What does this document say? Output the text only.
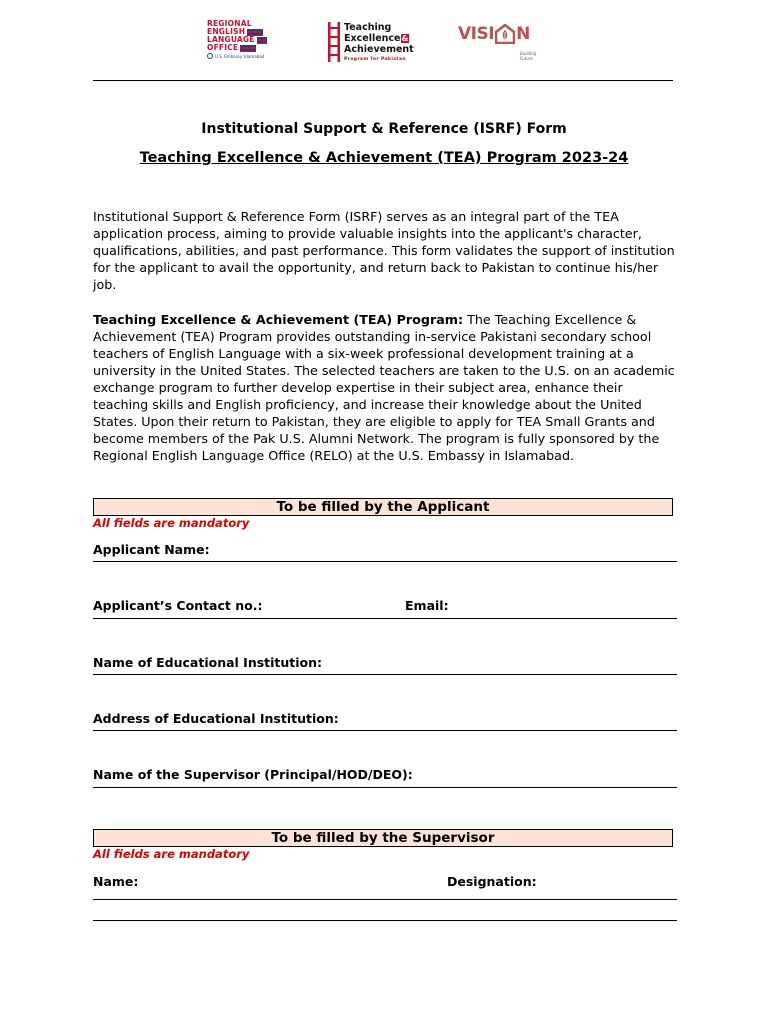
REGIONAL
ENGLISH
LANGUAGE
OFFICE
U.S. Embassy Islamabad
Teaching
Excellence&
Achievement
Program for Pakistan
VISI N
Building
Future
Institutional Support & Reference (ISRF) Form
Teaching Excellence & Achievement (TEA) Program 2023-24
Institutional Support & Reference Form (ISRF) serves as an integral part of the TEA application process, aiming to provide valuable insights into the applicant's character, qualifications, abilities, and past performance. This form validates the support of institution for the applicant to avail the opportunity, and return back to Pakistan to continue his/her job.
Teaching Excellence & Achievement (TEA) Program: The Teaching Excellence & Achievement (TEA) Program provides outstanding in-service Pakistani secondary school teachers of English Language with a six-week professional development training at a university in the United States. The selected teachers are taken to the U.S. on an academic exchange program to further develop expertise in their subject area, enhance their teaching skills and English proficiency, and increase their knowledge about the United States. Upon their return to Pakistan, they are eligible to apply for TEA Small Grants and become members of the Pak U.S. Alumni Network. The program is fully sponsored by the Regional English Language Office (RELO) at the U.S. Embassy in Islamabad.
To be filled by the Applicant
All fields are mandatory
Applicant Name:
Applicant’s Contact no.:	Email:
Name of Educational Institution:
Address of Educational Institution:
Name of the Supervisor (Principal/HOD/DEO):
To be filled by the Supervisor
All fields are mandatory
Name:	Designation:
